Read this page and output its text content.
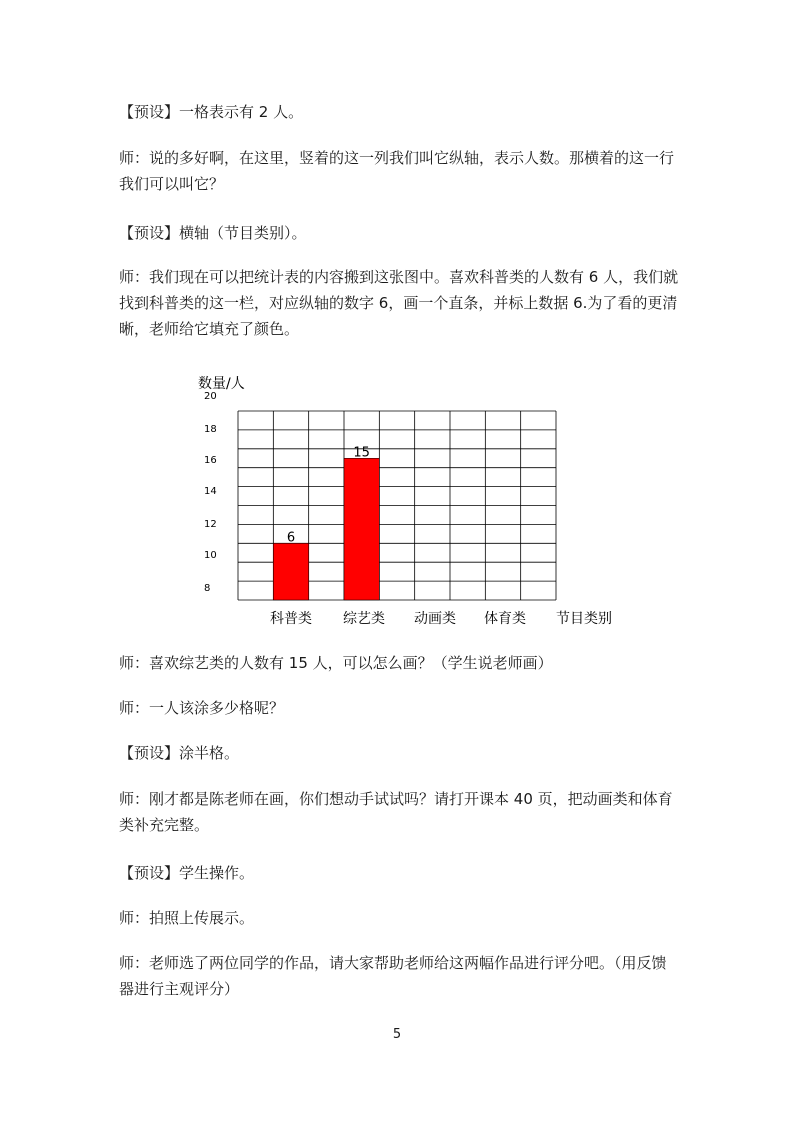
【预设】一格表示有 2 人。

师：说的多好啊，在这里，竖着的这一列我们叫它纵轴，表示人数。那横着的这一行我们可以叫它？

【预设】横轴（节目类别）。

师：我们现在可以把统计表的内容搬到这张图中。喜欢科普类的人数有 6 人，我们就找到科普类的这一栏，对应纵轴的数字 6，画一个直条，并标上数据 6.为了看的更清晰，老师给它填充了颜色。

数量/人
20
18
16
14
12
10
8
6
科普类
15
综艺类 动画类 体育类 节目类别

师：喜欢综艺类的人数有 15 人，可以怎么画？（学生说老师画）

师：一人该涂多少格呢？

【预设】涂半格。

师：刚才都是陈老师在画，你们想动手试试吗？请打开课本 40 页，把动画类和体育类补充完整。

【预设】学生操作。

师：拍照上传展示。

师：老师选了两位同学的作品，请大家帮助老师给这两幅作品进行评分吧。（用反馈器进行主观评分）

5
